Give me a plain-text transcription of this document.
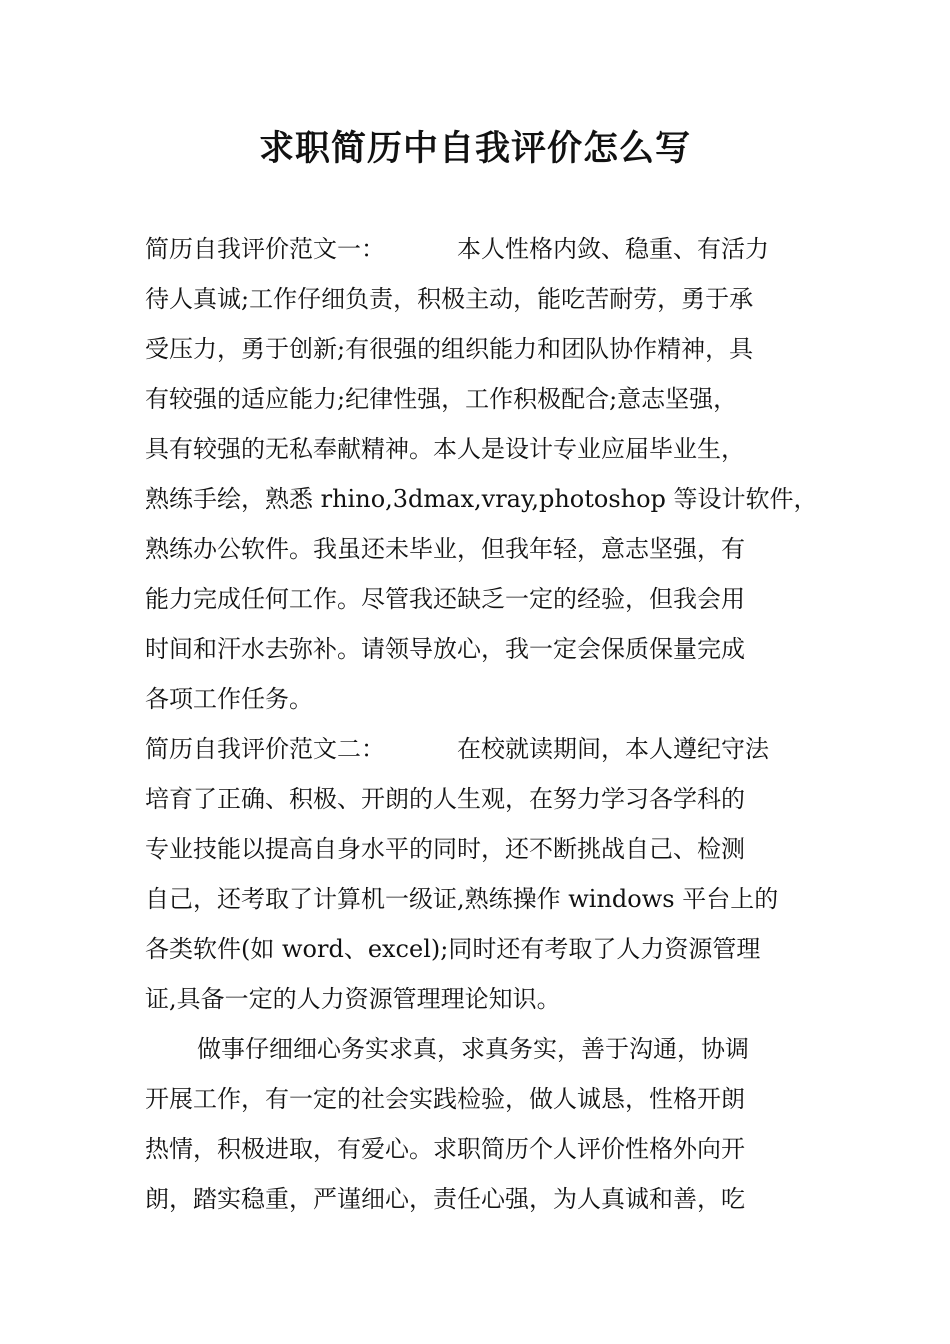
求职简历中自我评价怎么写
简历自我评价范文一：	本人性格内敛、稳重、有活力
待人真诚;工作仔细负责，积极主动，能吃苦耐劳，勇于承
受压力，勇于创新;有很强的组织能力和团队协作精神，具
有较强的适应能力;纪律性强，工作积极配合;意志坚强，
具有较强的无私奉献精神。本人是设计专业应届毕业生，
熟练手绘，熟悉 rhino,3dmax,vray,photoshop 等设计软件，
熟练办公软件。我虽还未毕业，但我年轻，意志坚强，有
能力完成任何工作。尽管我还缺乏一定的经验，但我会用
时间和汗水去弥补。请领导放心，我一定会保质保量完成
各项工作任务。
简历自我评价范文二：	在校就读期间，本人遵纪守法
培育了正确、积极、开朗的人生观，在努力学习各学科的
专业技能以提高自身水平的同时，还不断挑战自己、检测
自己，还考取了计算机一级证,熟练操作 windows 平台上的
各类软件(如 word、excel);同时还有考取了人力资源管理
证,具备一定的人力资源管理理论知识。
做事仔细细心务实求真，求真务实，善于沟通，协调
开展工作，有一定的社会实践检验，做人诚恳，性格开朗
热情，积极进取，有爱心。求职简历个人评价性格外向开
朗，踏实稳重，严谨细心，责任心强，为人真诚和善，吃
